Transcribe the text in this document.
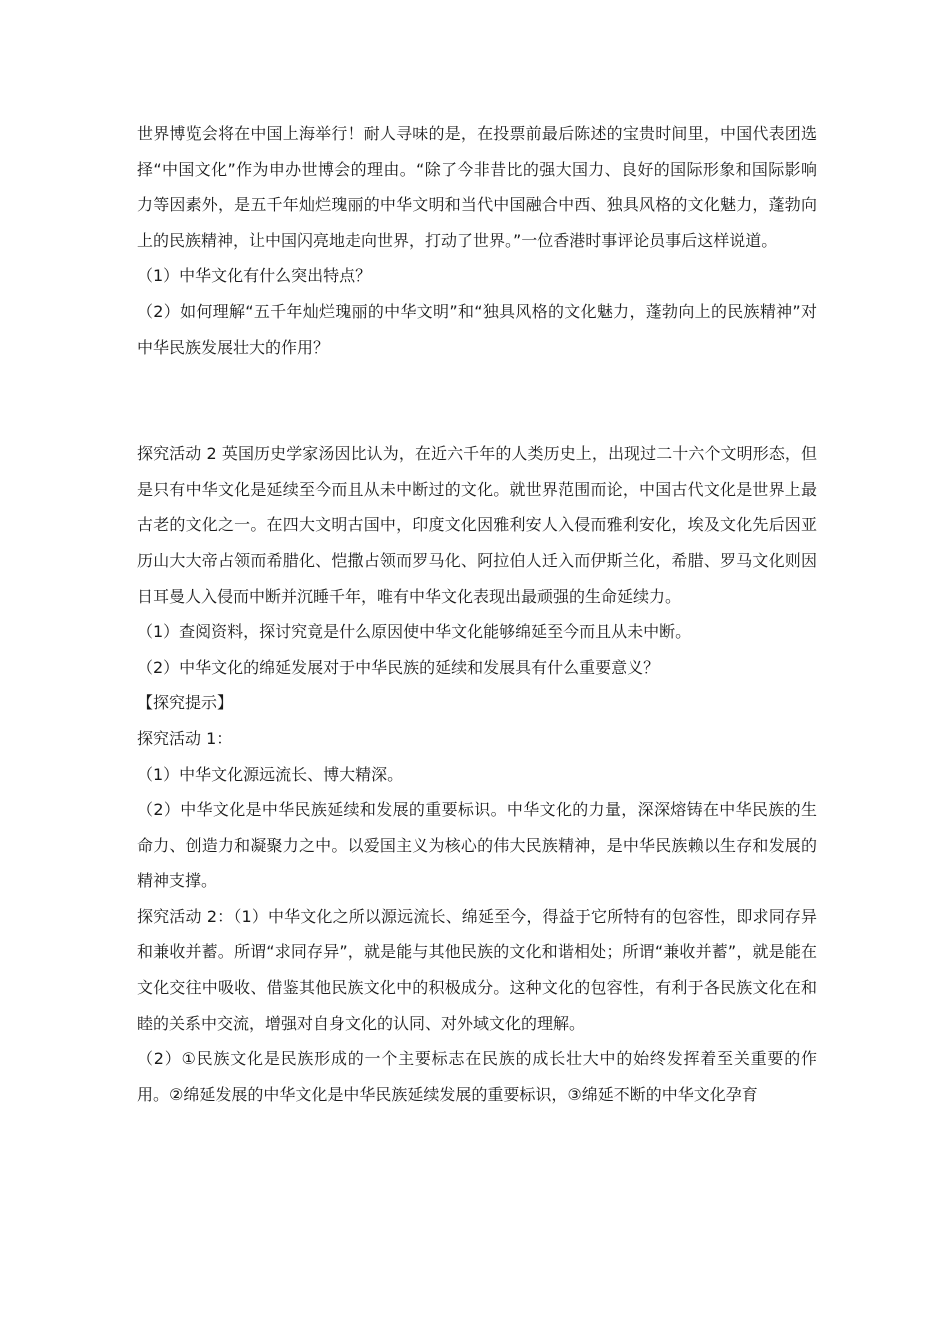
世界博览会将在中国上海举行！耐人寻味的是，在投票前最后陈述的宝贵时间里，中国代表团选择“中国文化”作为申办世博会的理由。“除了今非昔比的强大国力、良好的国际形象和国际影响力等因素外，是五千年灿烂瑰丽的中华文明和当代中国融合中西、独具风格的文化魅力，蓬勃向上的民族精神，让中国闪亮地走向世界，打动了世界。”一位香港时事评论员事后这样说道。

（1）中华文化有什么突出特点？

（2）如何理解“五千年灿烂瑰丽的中华文明”和“独具风格的文化魅力，蓬勃向上的民族精神”对中华民族发展壮大的作用？

探究活动 2 英国历史学家汤因比认为，在近六千年的人类历史上，出现过二十六个文明形态，但是只有中华文化是延续至今而且从未中断过的文化。就世界范围而论，中国古代文化是世界上最古老的文化之一。在四大文明古国中，印度文化因雅利安人入侵而雅利安化，埃及文化先后因亚历山大大帝占领而希腊化、恺撒占领而罗马化、阿拉伯人迁入而伊斯兰化，希腊、罗马文化则因日耳曼人入侵而中断并沉睡千年，唯有中华文化表现出最顽强的生命延续力。

（1）查阅资料，探讨究竟是什么原因使中华文化能够绵延至今而且从未中断。

（2）中华文化的绵延发展对于中华民族的延续和发展具有什么重要意义？

【探究提示】

探究活动 1：

（1）中华文化源远流长、博大精深。

（2）中华文化是中华民族延续和发展的重要标识。中华文化的力量，深深熔铸在中华民族的生命力、创造力和凝聚力之中。以爱国主义为核心的伟大民族精神，是中华民族赖以生存和发展的精神支撑。

探究活动 2：（1）中华文化之所以源远流长、绵延至今，得益于它所特有的包容性，即求同存异和兼收并蓄。所谓“求同存异”，就是能与其他民族的文化和谐相处；所谓“兼收并蓄”，就是能在文化交往中吸收、借鉴其他民族文化中的积极成分。这种文化的包容性，有利于各民族文化在和睦的关系中交流，增强对自身文化的认同、对外域文化的理解。

（2）①民族文化是民族形成的一个主要标志在民族的成长壮大中的始终发挥着至关重要的作用。②绵延发展的中华文化是中华民族延续发展的重要标识，③绵延不断的中华文化孕育
